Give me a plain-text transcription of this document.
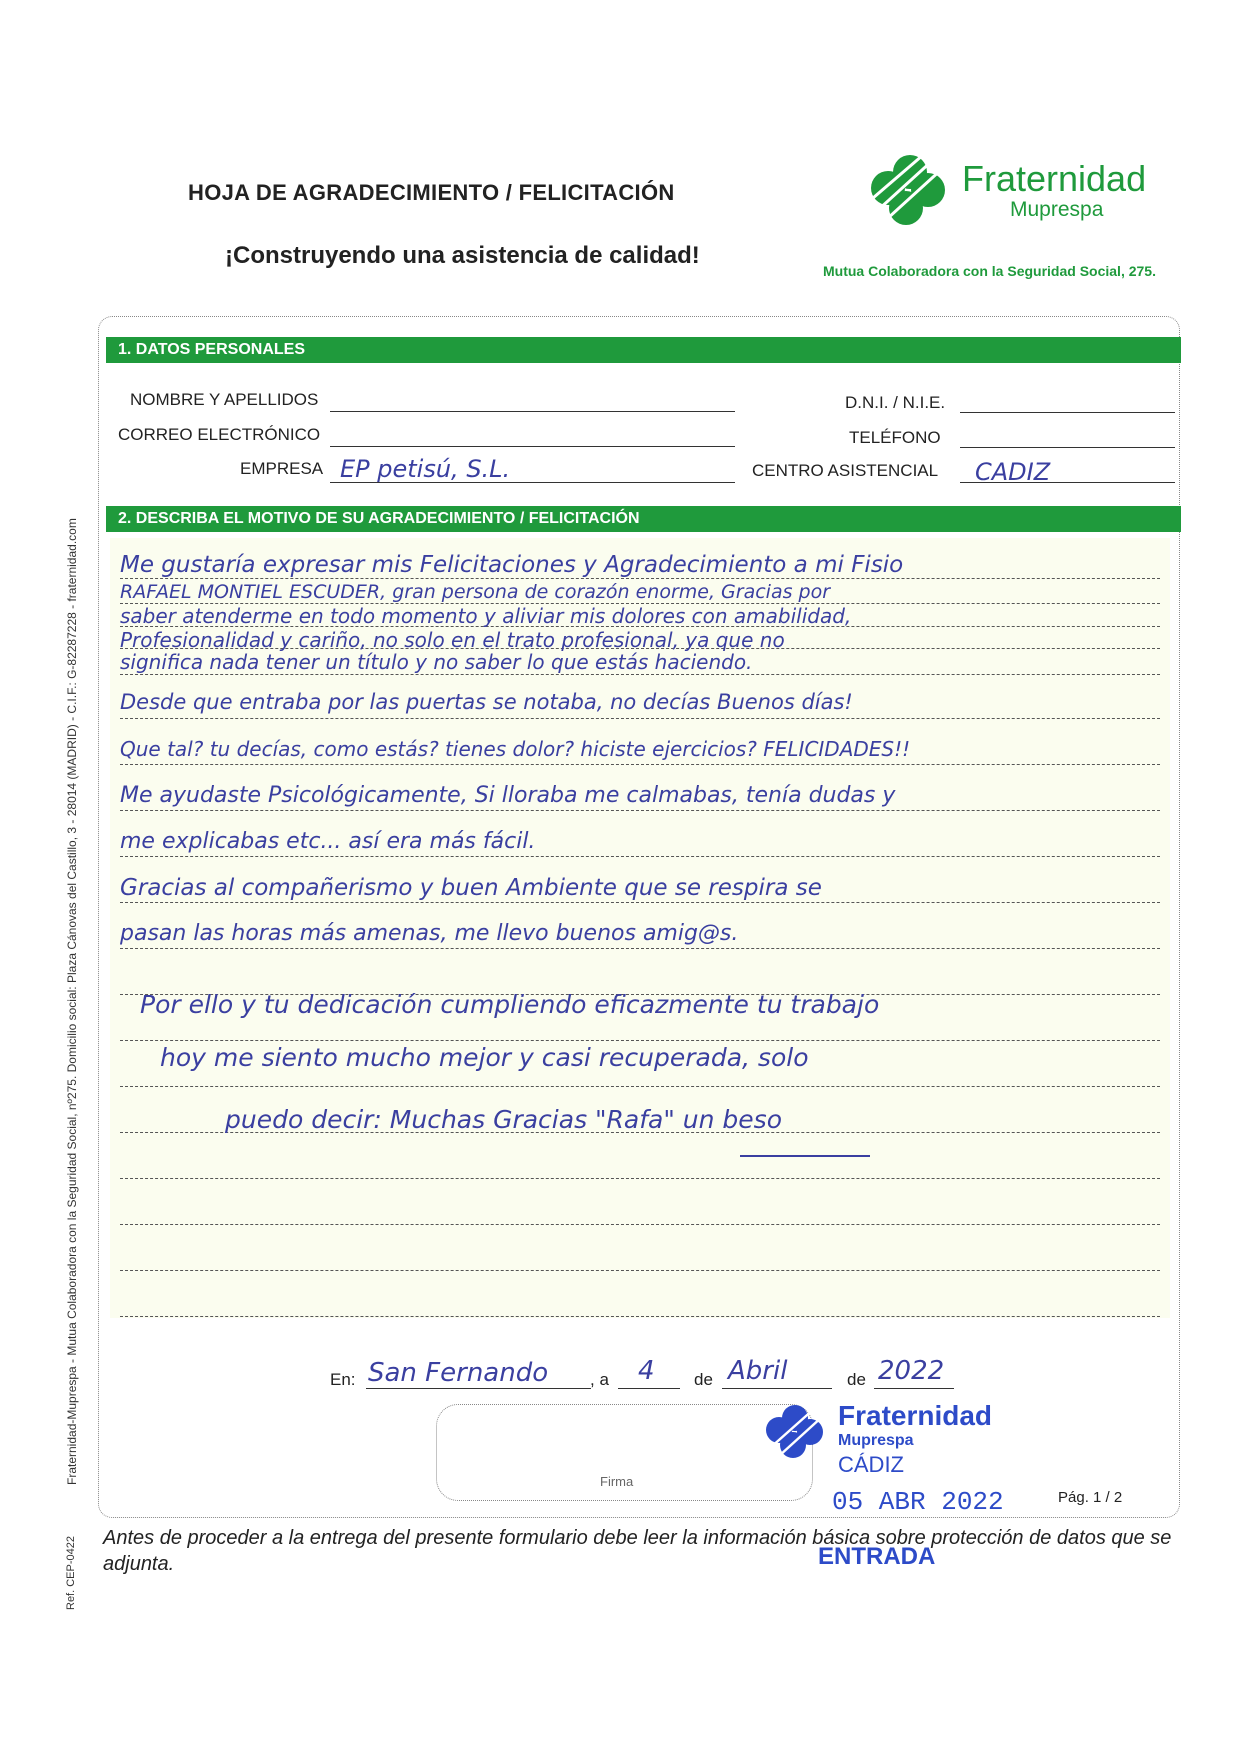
HOJA DE AGRADECIMIENTO / FELICITACIÓN
¡Construyendo una asistencia de calidad!
Fraternidad
Muprespa
Mutua Colaboradora con la Seguridad Social, 275.
1. DATOS PERSONALES
NOMBRE Y APELLIDOS	D.N.I. / N.I.E.
CORREO ELECTRÓNICO	TELÉFONO
EMPRESA EP petisú, S.L.	CENTRO ASISTENCIAL CADIZ
2. DESCRIBA EL MOTIVO DE SU AGRADECIMIENTO / FELICITACIÓN
Me gustaría expresar mis Felicitaciones y Agradecimiento a mi Fisio
RAFAEL MONTIEL ESCUDER, gran persona de corazón enorme, Gracias por
saber atenderme en todo momento y aliviar mis dolores con amabilidad,
Profesionalidad y cariño, no solo en el trato profesional, ya que no
significa nada tener un título y no saber lo que estás haciendo.
Desde que entraba por las puertas se notaba, no decías Buenos días!
Que tal? tu decías, como estás? tienes dolor? hiciste ejercicios? FELICIDADES!!
Me ayudaste Psicológicamente, Si lloraba me calmabas, tenía dudas y
me explicabas etc... así era más fácil.
Gracias al compañerismo y buen Ambiente que se respira se
pasan las horas más amenas, me llevo buenos amig@s.
Por ello y tu dedicación cumpliendo eficazmente tu trabajo
hoy me siento mucho mejor y casi recuperada, solo
puedo decir: Muchas Gracias "Rafa" un beso
En: San Fernando , a 4 de Abril	de 2022
Firma
Fraternidad
Mupresp​a
CÁDIZ
05 ABR 2022
ENTRADA
Pág. 1 / 2
Antes de proceder a la entrega del presente formulario debe leer la información básica sobre protección de datos que se adjunta.
Fraternidad-Mupresp​a - Mutua Colaboradora con la Seguridad Social, nº275. Domicilio social: Plaza Cánovas del Castillo, 3 - 28014 (MADRID) - C.I.F.: G-82287228 - fraternidad.com
Ref. CEP-0422
